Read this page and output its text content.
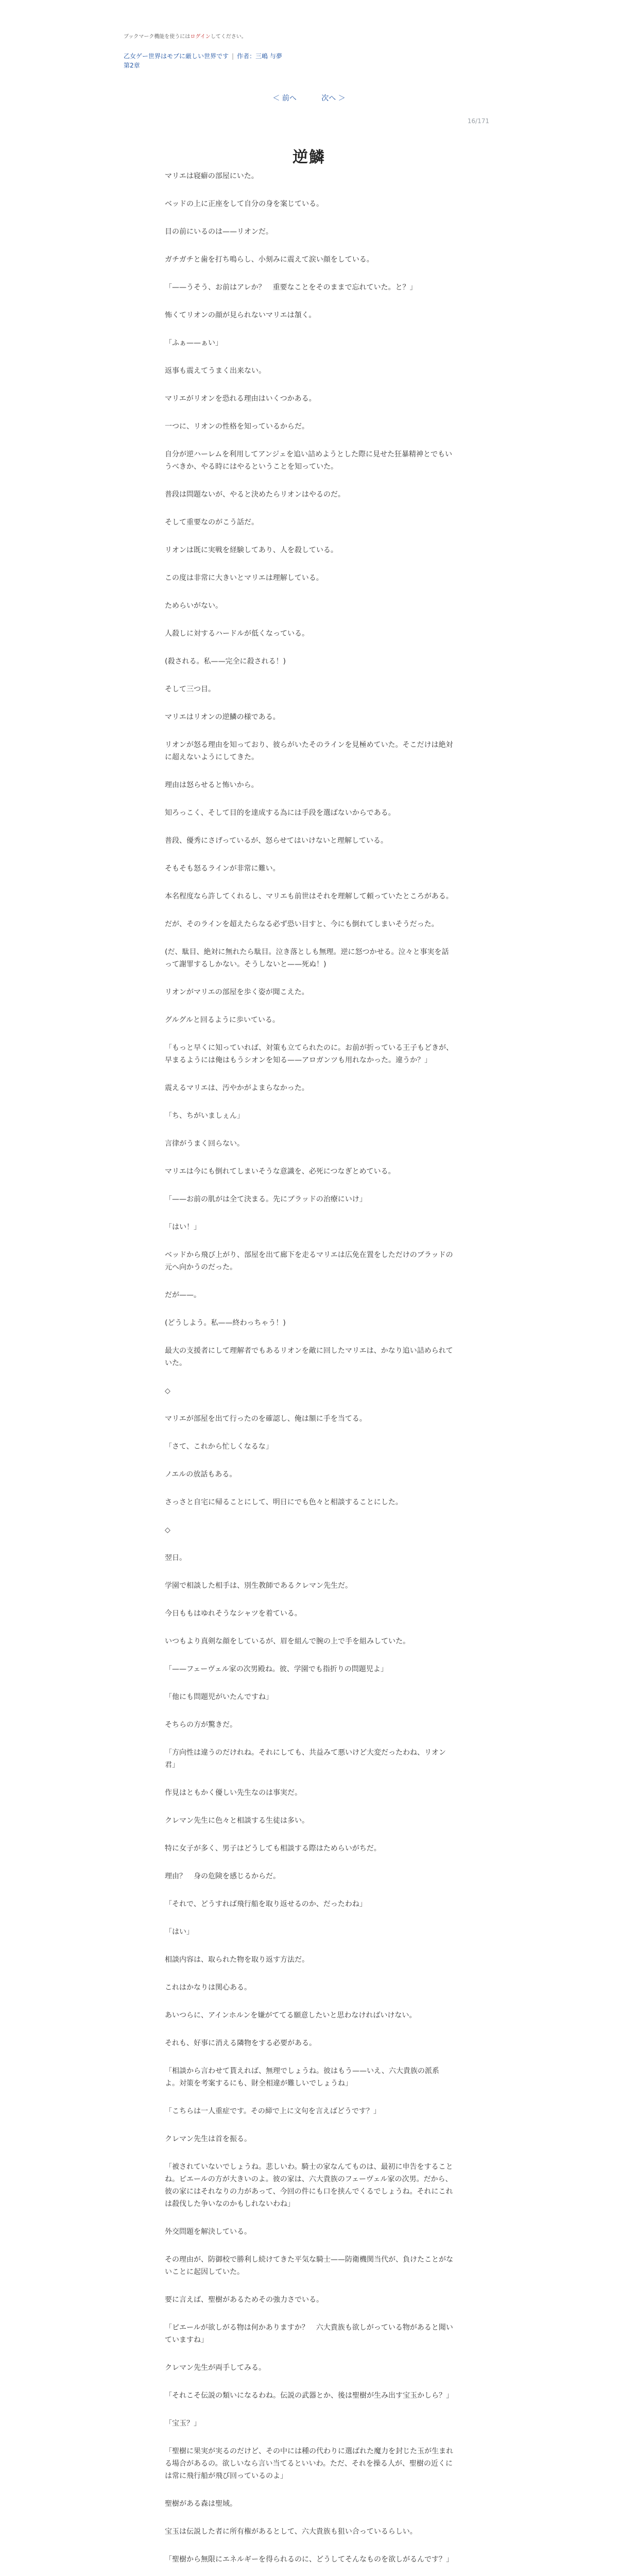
ブックマーク機能を使うにはログインしてください。
乙女ゲー世界はモブに厳しい世界です | 作者：三嶋 与夢
第2章
＜ 前へ	次へ ＞
16/171
逆鱗

マリエは寝癖の部屋にいた。

ベッドの上に正座をして自分の身を案じている。

目の前にいるのは——リオンだ。

ガチガチと歯を打ち鳴らし、小刻みに震えて涙い顔をしている。

「——うそう、お前はアレか？　重要なことをそのままで忘れていた。と？」

怖くてリオンの顔が見られないマリエは頷く。

「ふぁ——ぁい」

返事も震えてうまく出来ない。

マリエがリオンを恐れる理由はいくつかある。

一つに、リオンの性格を知っているからだ。

自分が逆ハーレムを利用してアンジェを追い詰めようとした際に見せた狂暴精神とでもいうべきか、やる時にはやるということを知っていた。

普段は問題ないが、やると決めたらリオンはやるのだ。

そして重要なのがこう話だ。

リオンは既に実戦を経験してあり、人を殺している。

この度は非常に大きいとマリエは理解している。

ためらいがない。

人殺しに対するハードルが低くなっている。

(殺される。私——完全に殺される！)

そして三つ目。

マリエはリオンの逆鱗の様である。

リオンが怒る理由を知っており、彼らがいたそのラインを見極めていた。そこだけは絶対に超えないようにしてきた。

理由は怒らせると怖いから。

知ろっこく、そして目的を達成する為には手段を選ばないからである。

普段、優秀にさげっているが、怒らせてはいけないと理解している。

そもそも怒るラインが非常に難い。

本名程度なら許してくれるし、マリエも前世はそれを理解して頼っていたところがある。

だが、そのラインを超えたらなる必ず恐い目すと、今にも倒れてしまいそうだった。

(だ、駄目、絶対に無れたら駄目。泣き落としも無理。逆に怒つかせる。泣々と事実を話って謝罪するしかない。そうしないと——死ぬ！)

リオンがマリエの部屋を歩く姿が聞こえた。

グルグルと回るように歩いている。

「もっと早くに知っていれば、対策も立てられたのに。お前が折っている王子もどきが、早まるようには俺はもうシオンを知る——アロガンツも用れなかった。違うか？」

震えるマリエは、汚やかがよまらなかった。

「ち、ちがいましぇん」

言律がうまく回らない。

マリエは今にも倒れてしまいそうな意識を、必死につなぎとめている。

「——お前の肌がは全て決まる。先にブラッドの治療にいけ」

「はい！」

ベッドから飛び上がり、部屋を出て廊下を走るマリエは広免在置をしただけのブラッドの元へ向かうのだった。

だが——。

(どうしよう。私——終わっちゃう！)

最大の支援者にして理解者でもあるリオンを敵に回したマリエは、かなり追い詰められていた。

◇

マリエが部屋を出て行ったのを確認し、俺は額に手を当てる。

「さて、これから忙しくなるな」

ノエルの放話もある。

さっさと自宅に帰ることにして、明日にでも色々と相談することにした。

◇

翌日。

学園で相談した相手は、別生教師であるクレマン先生だ。

今日ももはゆれそうなシャツを着ている。

いつもより真剣な顔をしているが、眉を組んで腕の上で手を組みしていた。

「——フェーヴェル家の次男殿ね。彼、学園でも指折りの問題児よ」

「他にも問題児がいたんですね」

そちらの方が驚きだ。

「方向性は違うのだけれね。それにしても、共益みて悪いけど大変だったわね、リオン君」

作見はともかく優しい先生なのは事実だ。

クレマン先生に色々と相談する生徒は多い。

特に女子が多く、男子はどうしても相談する際はためらいがちだ。

理由？　身の危険を感じるからだ。

「それで、どうすれば飛行船を取り返せるのか、だったわね」

「はい」

相談内容は、取られた物を取り返す方法だ。

これはかなりは関心ある。

あいつらに、アインホルンを嫌がててる願意したいと思わなければいけない。

それも、好事に消える隣物をする必要がある。

「相談から言わせて貰えれば、無理でしょうね。彼はもう——いえ、六大貴族の派系よ。対策を考案するにも、財全相違が難しいでしょうね」

「こちらは一人重症です。その締で上に文句を言えばどうです？」

クレマン先生は首を振る。

「被されていないでしょうね。悲しいわ。騎士の家なんてものは、最初に申告をすることね。ピエールの方が大きいのよ。彼の家は、六大貴族のフェーヴェル家の次男。だから、彼の家にはそれなりの力があって、今回の件にも口を挟んでくるでしょうね。それにこれは殺伐した争いなのかもしれないわね」

外交問題を解決している。

その理由が、防御校で勝利し続けてきた平気な騎士——防衛機関当代が、負けたことがないことに起因していた。

要に言えば、聖樹があるためその強力さでいる。

「ピエールが欲しがる物は何かありますか？　六大貴族も欲しがっている物があると聞いていますね」

クレマン先生が両手してみる。

「それこそ伝説の類いになるわね。伝説の武器とか、後は聖樹が生み出す宝玉かしら？」

「宝玉？」

「聖樹に果実が実るのだけど、その中には種の代わりに選ばれた魔力を封じた玉が生まれる場合があるの。欲しいなら言い当てるといいわ。ただ、それを操る人が、聖樹の近くには常に飛行船が飛び回っているのよ」

聖樹がある森は聖域。

宝玉は伝説した者に所有権があるとして、六大貴族も狙い合っているらしい。

「聖樹から無限にエネルギーを得られるのに、どうしてそんなものを欲しがるんです？」
